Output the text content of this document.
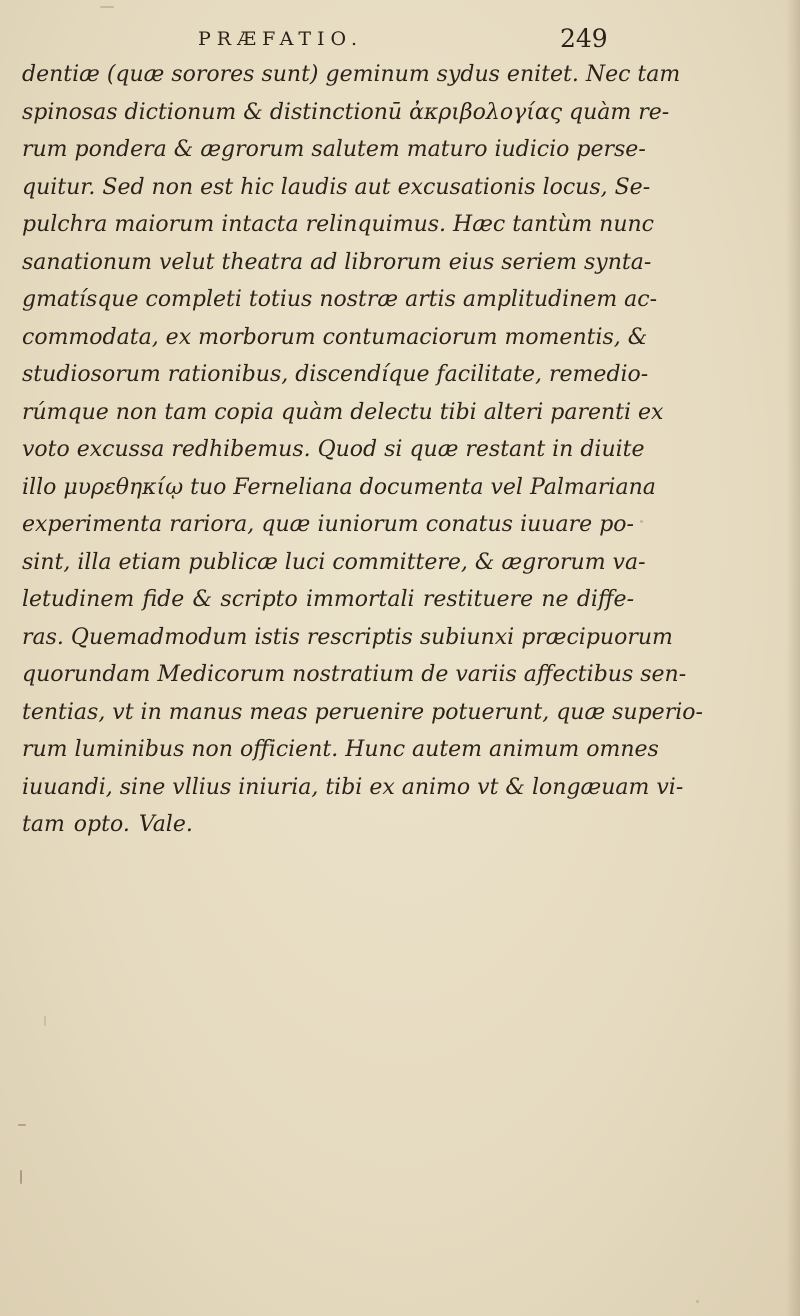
PRÆFATIO.	249
dentiæ (quæ sorores sunt) geminum sydus enitet. Nec tam
spinosas dictionum & distinctionū ἀκριβολογίας quàm re-
rum pondera & ægrorum salutem maturo iudicio perse-
quitur. Sed non est hic laudis aut excusationis locus, Se-
pulchra maiorum intacta relinquimus. Hæc tantùm nunc
sanationum velut theatra ad librorum eius seriem synta-
gmatísque completi totius nostræ artis amplitudinem ac-
commodata, ex morborum contumaciorum momentis, &
studiosorum rationibus, discendíque facilitate, remedio-
rúmque non tam copia quàm delectu tibi alteri parenti ex
voto excussa redhibemus. Quod si quæ restant in diuite
illo μυρεθηκίῳ tuo Ferneliana documenta vel Palmariana
experimenta rariora, quæ iuniorum conatus iuuare po-
sint, illa etiam publicæ luci committere, & ægrorum va-
letudinem fide & scripto immortali restituere ne diffe-
ras. Quemadmodum istis rescriptis subiunxi præcipuorum
quorundam Medicorum nostratium de variis affectibus sen-
tentias, vt in manus meas peruenire potuerunt, quæ superio-
rum luminibus non officient. Hunc autem animum omnes
iuuandi, sine vllius iniuria, tibi ex animo vt & longæuam vi-
tam opto. Vale.
